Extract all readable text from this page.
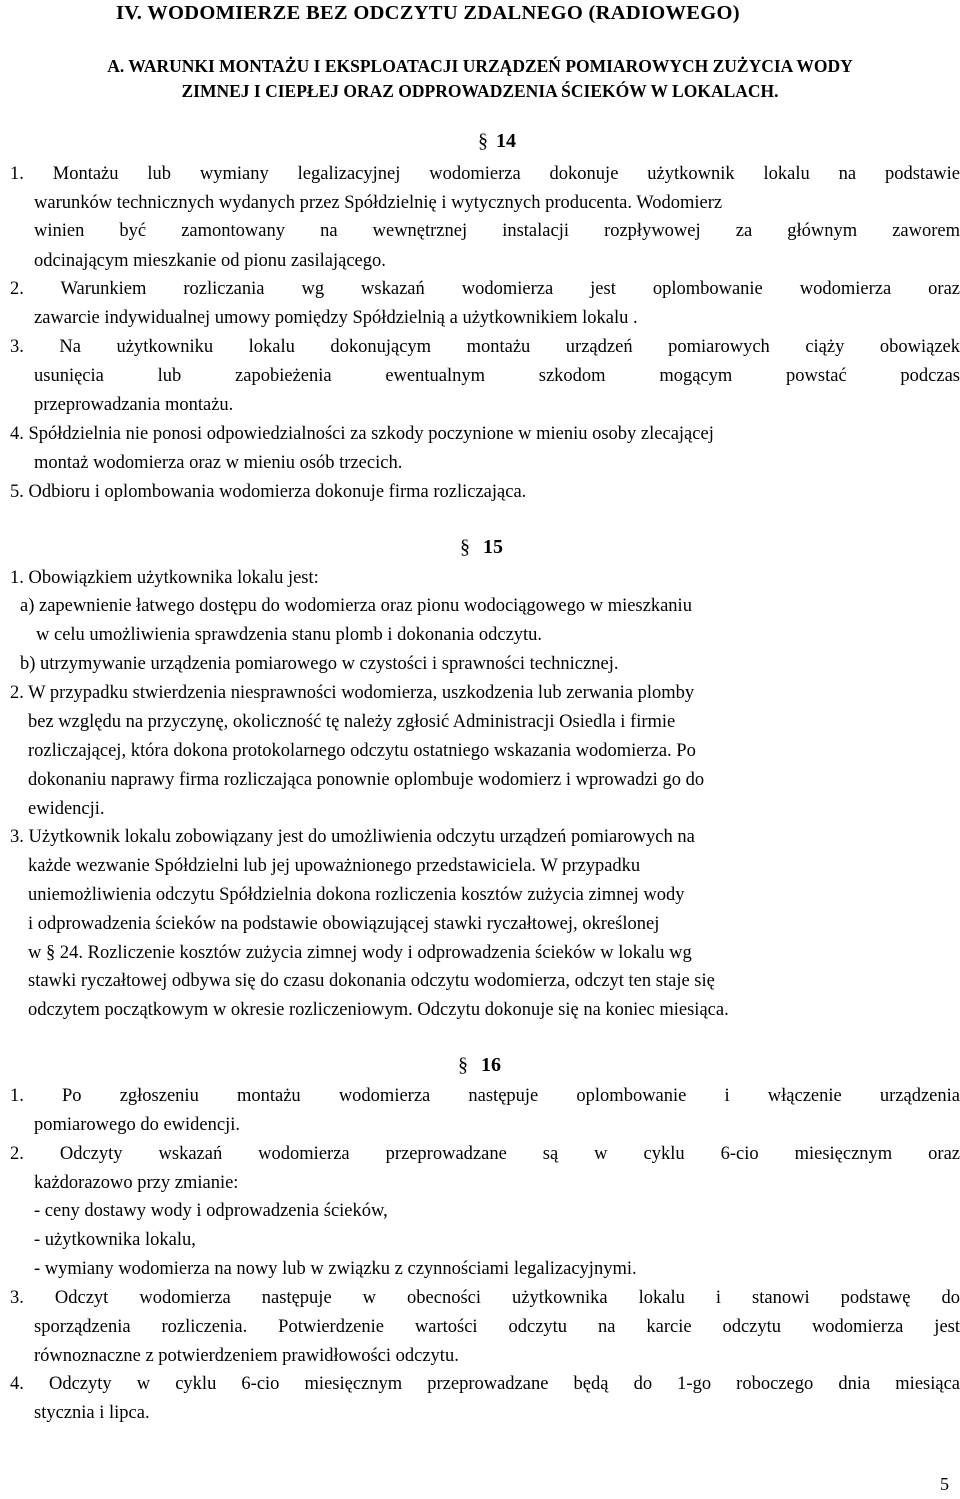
IV. WODOMIERZE BEZ ODCZYTU ZDALNEGO (RADIOWEGO)
A. WARUNKI MONTAŻU I EKSPLOATACJI URZĄDZEŃ POMIAROWYCH ZUŻYCIA WODY
ZIMNEJ I CIEPŁEJ ORAZ ODPROWADZENIA ŚCIEKÓW W LOKALACH.
§ 14
1. Montażu lub wymiany legalizacyjnej wodomierza dokonuje użytkownik lokalu na podstawie
warunków technicznych wydanych przez Spółdzielnię i wytycznych producenta. Wodomierz
winien być zamontowany na wewnętrznej instalacji rozpływowej za głównym zaworem
odcinającym mieszkanie od pionu zasilającego.
2. Warunkiem rozliczania wg wskazań wodomierza jest oplombowanie wodomierza oraz
zawarcie indywidualnej umowy pomiędzy Spółdzielnią a użytkownikiem lokalu .
3. Na użytkowniku lokalu dokonującym montażu urządzeń pomiarowych ciąży obowiązek
usunięcia lub zapobieżenia ewentualnym szkodom mogącym powstać podczas
przeprowadzania montażu.
4. Spółdzielnia nie ponosi odpowiedzialności za szkody poczynione w mieniu osoby zlecającej
montaż wodomierza oraz w mieniu osób trzecich.
5. Odbioru i oplombowania wodomierza dokonuje firma rozliczająca.
§ 15
1. Obowiązkiem użytkownika lokalu jest:
a) zapewnienie łatwego dostępu do wodomierza oraz pionu wodociągowego w mieszkaniu
w celu umożliwienia sprawdzenia stanu plomb i dokonania odczytu.
b) utrzymywanie urządzenia pomiarowego w czystości i sprawności technicznej.
2. W przypadku stwierdzenia niesprawności wodomierza, uszkodzenia lub zerwania plomby
bez względu na przyczynę, okoliczność tę należy zgłosić Administracji Osiedla i firmie
rozliczającej, która dokona protokolarnego odczytu ostatniego wskazania wodomierza. Po
dokonaniu naprawy firma rozliczająca ponownie oplombuje wodomierz i wprowadzi go do
ewidencji.
3. Użytkownik lokalu zobowiązany jest do umożliwienia odczytu urządzeń pomiarowych na
każde wezwanie Spółdzielni lub jej upoważnionego przedstawiciela. W przypadku
uniemożliwienia odczytu Spółdzielnia dokona rozliczenia kosztów zużycia zimnej wody
i odprowadzenia ścieków na podstawie obowiązującej stawki ryczałtowej, określonej
w § 24. Rozliczenie kosztów zużycia zimnej wody i odprowadzenia ścieków w lokalu wg
stawki ryczałtowej odbywa się do czasu dokonania odczytu wodomierza, odczyt ten staje się
odczytem początkowym w okresie rozliczeniowym. Odczytu dokonuje się na koniec miesiąca.
§ 16
1. Po zgłoszeniu montażu wodomierza następuje oplombowanie i włączenie urządzenia
pomiarowego do ewidencji.
2. Odczyty wskazań wodomierza przeprowadzane są w cyklu 6-cio miesięcznym oraz
każdorazowo przy zmianie:
- ceny dostawy wody i odprowadzenia ścieków,
- użytkownika lokalu,
- wymiany wodomierza na nowy lub w związku z czynnościami legalizacyjnymi.
3. Odczyt wodomierza następuje w obecności użytkownika lokalu i stanowi podstawę do
sporządzenia rozliczenia. Potwierdzenie wartości odczytu na karcie odczytu wodomierza jest
równoznaczne z potwierdzeniem prawidłowości odczytu.
4. Odczyty w cyklu 6-cio miesięcznym przeprowadzane będą do 1-go roboczego dnia miesiąca
stycznia i lipca.
5
